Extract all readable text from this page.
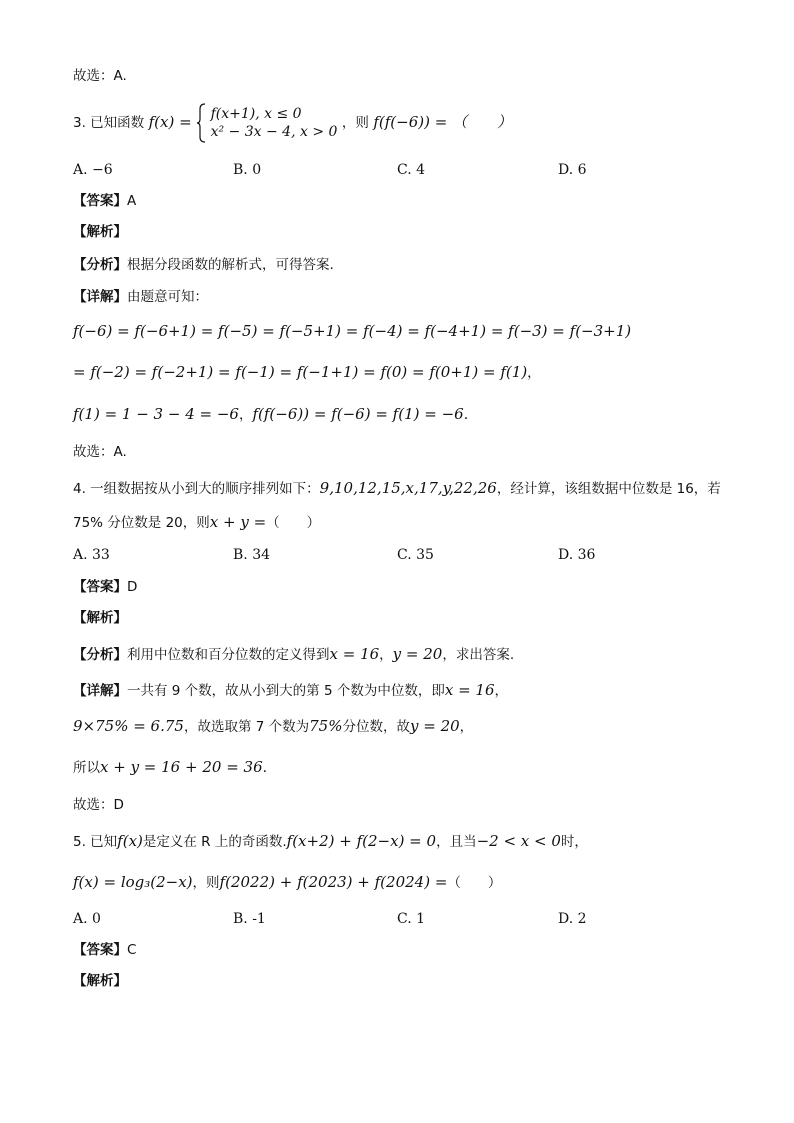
故选：A.
3. 已知函数 f(x) = f(x+1), x ≤ 0
x² − 3x − 4, x > 0
，则 f(f(−6)) = （　　）
A. −6	B. 0	C. 4	D. 6
【答案】A
【解析】
【分析】根据分段函数的解析式，可得答案.
【详解】由题意可知：
f(−6) = f(−6+1) = f(−5) = f(−5+1) = f(−4) = f(−4+1) = f(−3) = f(−3+1)
= f(−2) = f(−2+1) = f(−1) = f(−1+1) = f(0) = f(0+1) = f(1)，
f(1) = 1 − 3 − 4 = −6，f(f(−6)) = f(−6) = f(1) = −6.
故选：A.
4. 一组数据按从小到大的顺序排列如下：9,10,12,15,x,17,y,22,26，经计算，该组数据中位数是 16，若
75% 分位数是 20，则x + y =（　　）
A. 33	B. 34	C. 35	D. 36
【答案】D
【解析】
【分析】利用中位数和百分位数的定义得到x = 16，y = 20，求出答案.
【详解】一共有 9 个数，故从小到大的第 5 个数为中位数，即x = 16，
9×75% = 6.75，故选取第 7 个数为75%分位数，故y = 20，
所以x + y = 16 + 20 = 36.
故选：D
5. 已知f(x)是定义在 R 上的奇函数.f(x+2) + f(2−x) = 0，且当−2 < x < 0时，
f(x) = log₃(2−x)，则f(2022) + f(2023) + f(2024) =（　　）
A. 0	B. -1	C. 1	D. 2
【答案】C
【解析】
